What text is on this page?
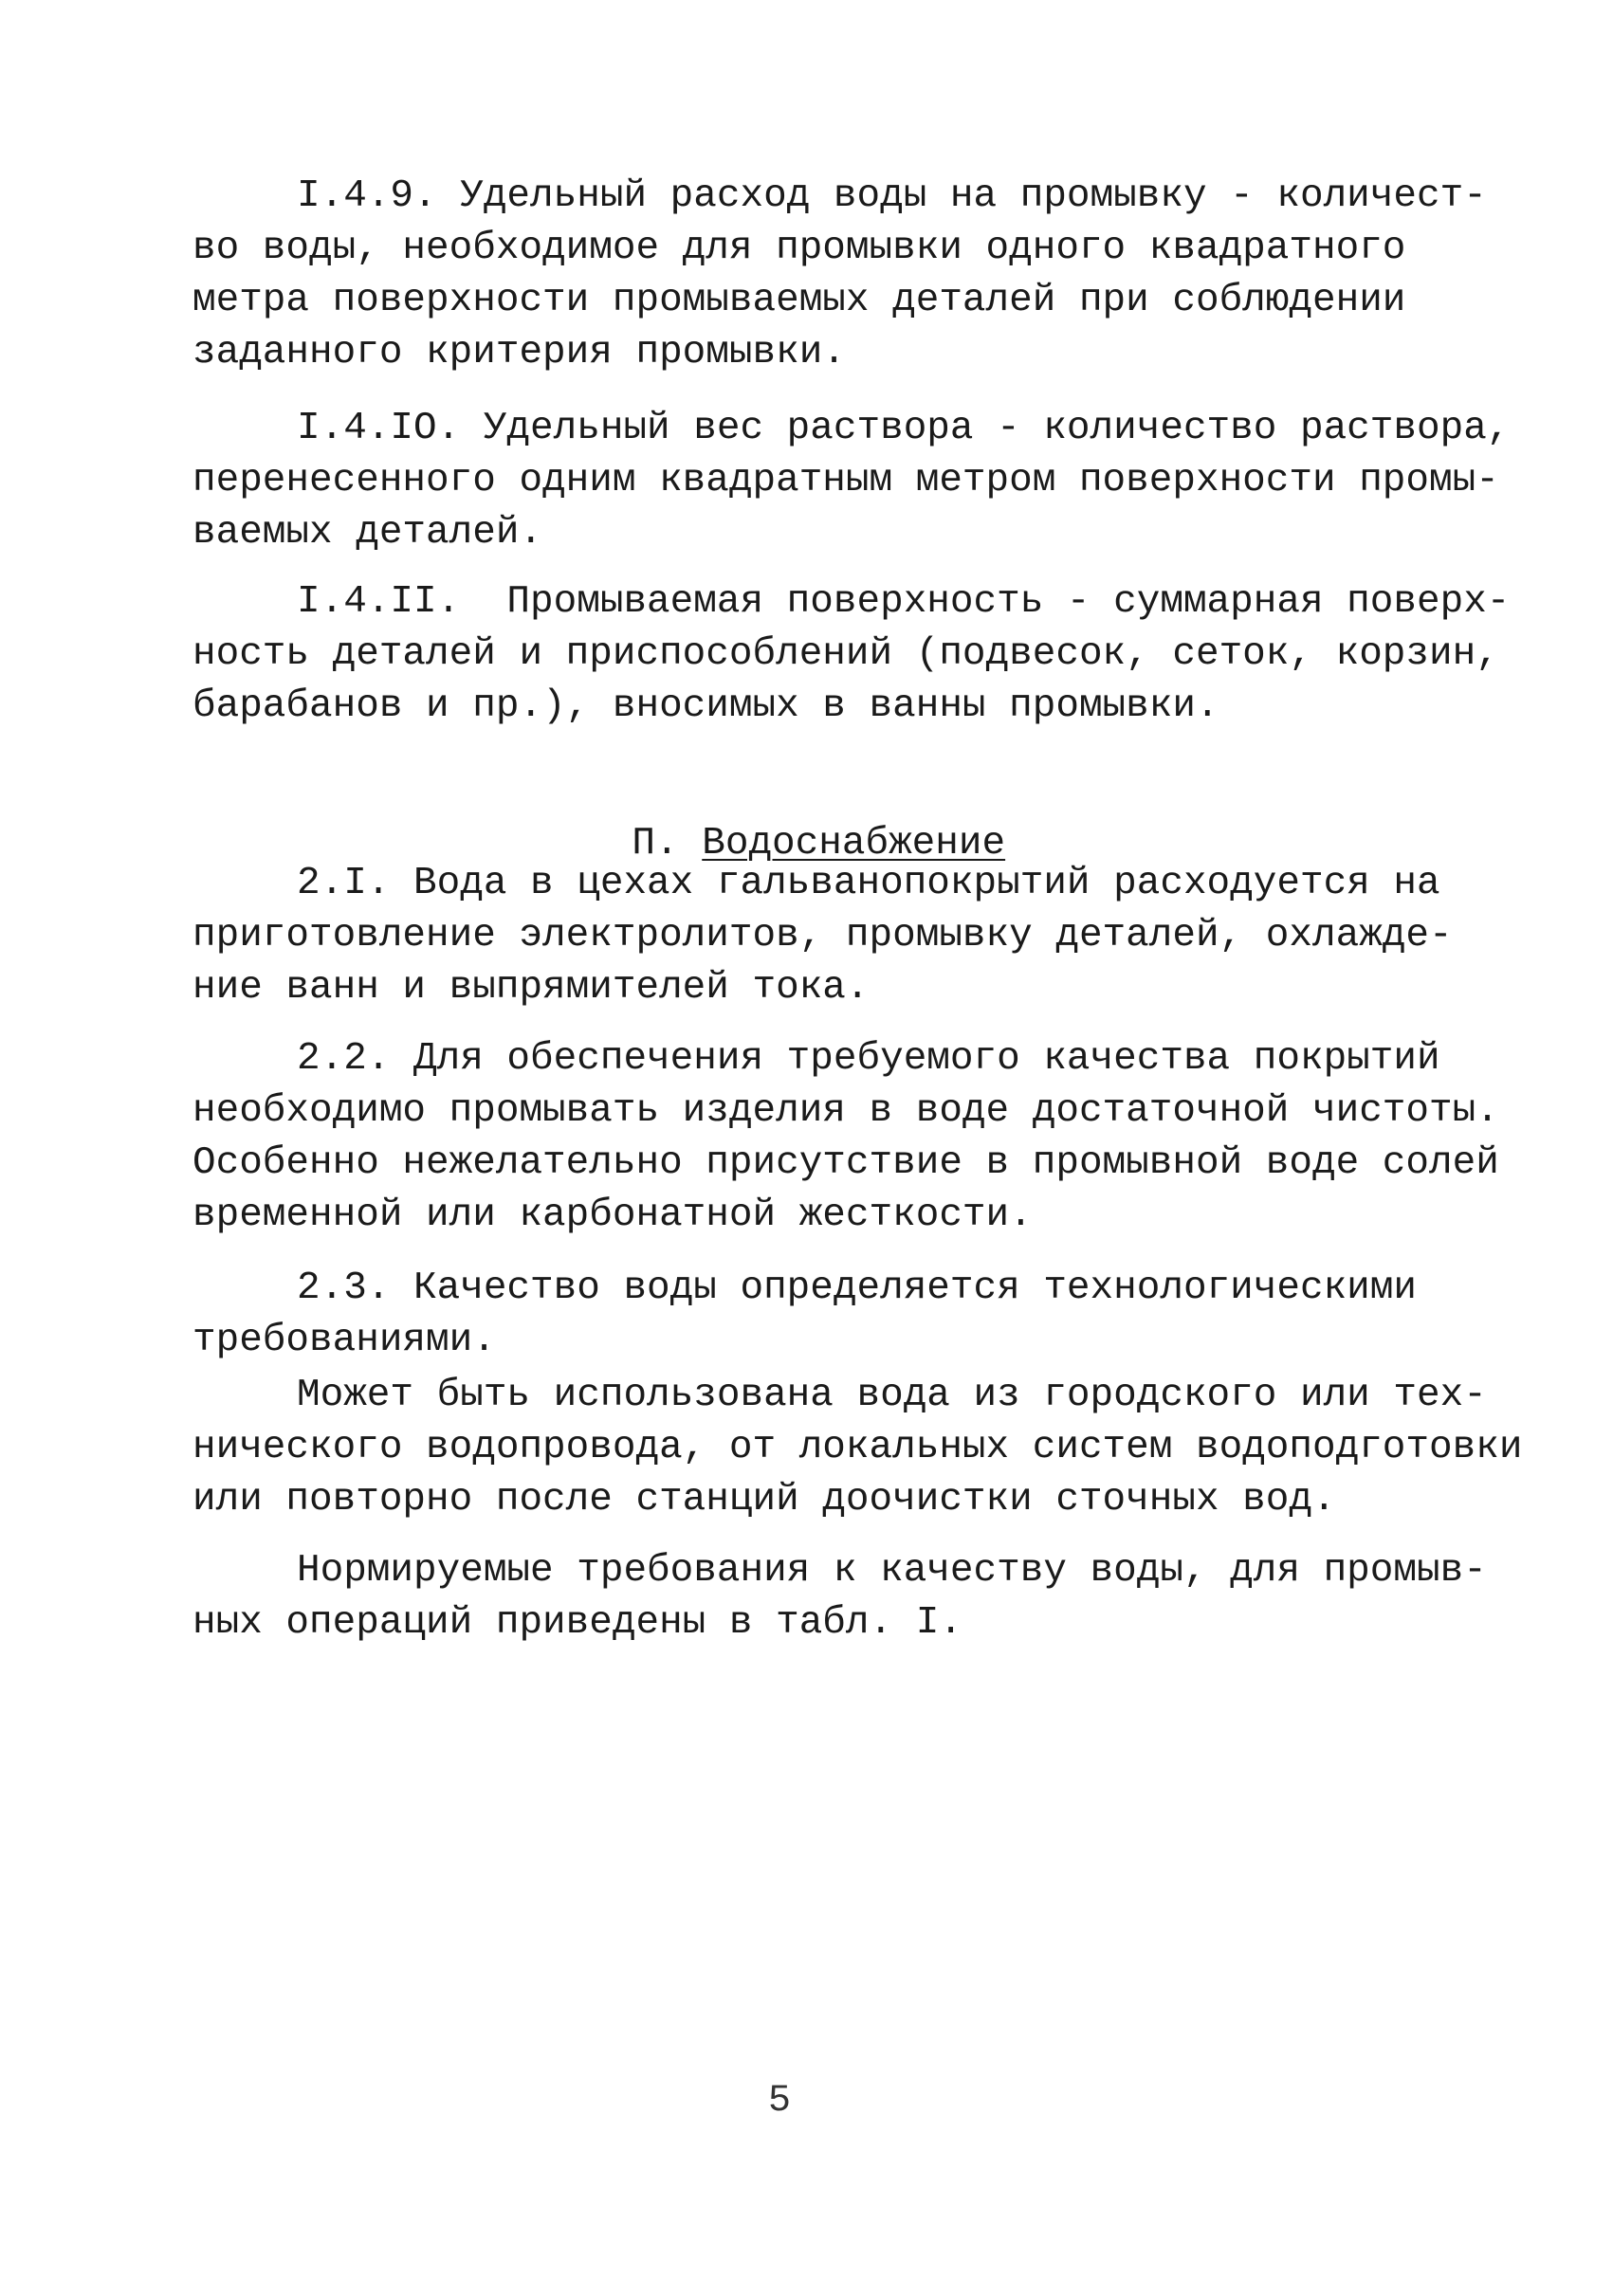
I.4.9. Удельный расход воды на промывку - количест-
во воды, необходимое для промывки одного квадратного
метра поверхности промываемых деталей при соблюдении
заданного критерия промывки.
I.4.IO. Удельный вес раствора - количество раствора,
перенесенного одним квадратным метром поверхности промы-
ваемых деталей.
I.4.II.  Промываемая поверхность - суммарная поверх-
ность деталей и приспособлений (подвесок, сеток, корзин,
барабанов и пр.), вносимых в ванны промывки.

П. Водоснабжение

2.I. Вода в цехах гальванопокрытий расходуется на
приготовление электролитов, промывку деталей, охлажде-
ние ванн и выпрямителей тока.
2.2. Для обеспечения требуемого качества покрытий
необходимо промывать изделия в воде достаточной чистоты.
Особенно нежелательно присутствие в промывной воде солей
временной или карбонатной жесткости.
2.3. Качество воды определяется технологическими
требованиями.
Может быть использована вода из городского или тех-
нического водопровода, от локальных систем водоподготовки
или повторно после станций доочистки сточных вод.
Нормируемые требования к качеству воды, для промыв-
ных операций приведены в табл. I.
5
